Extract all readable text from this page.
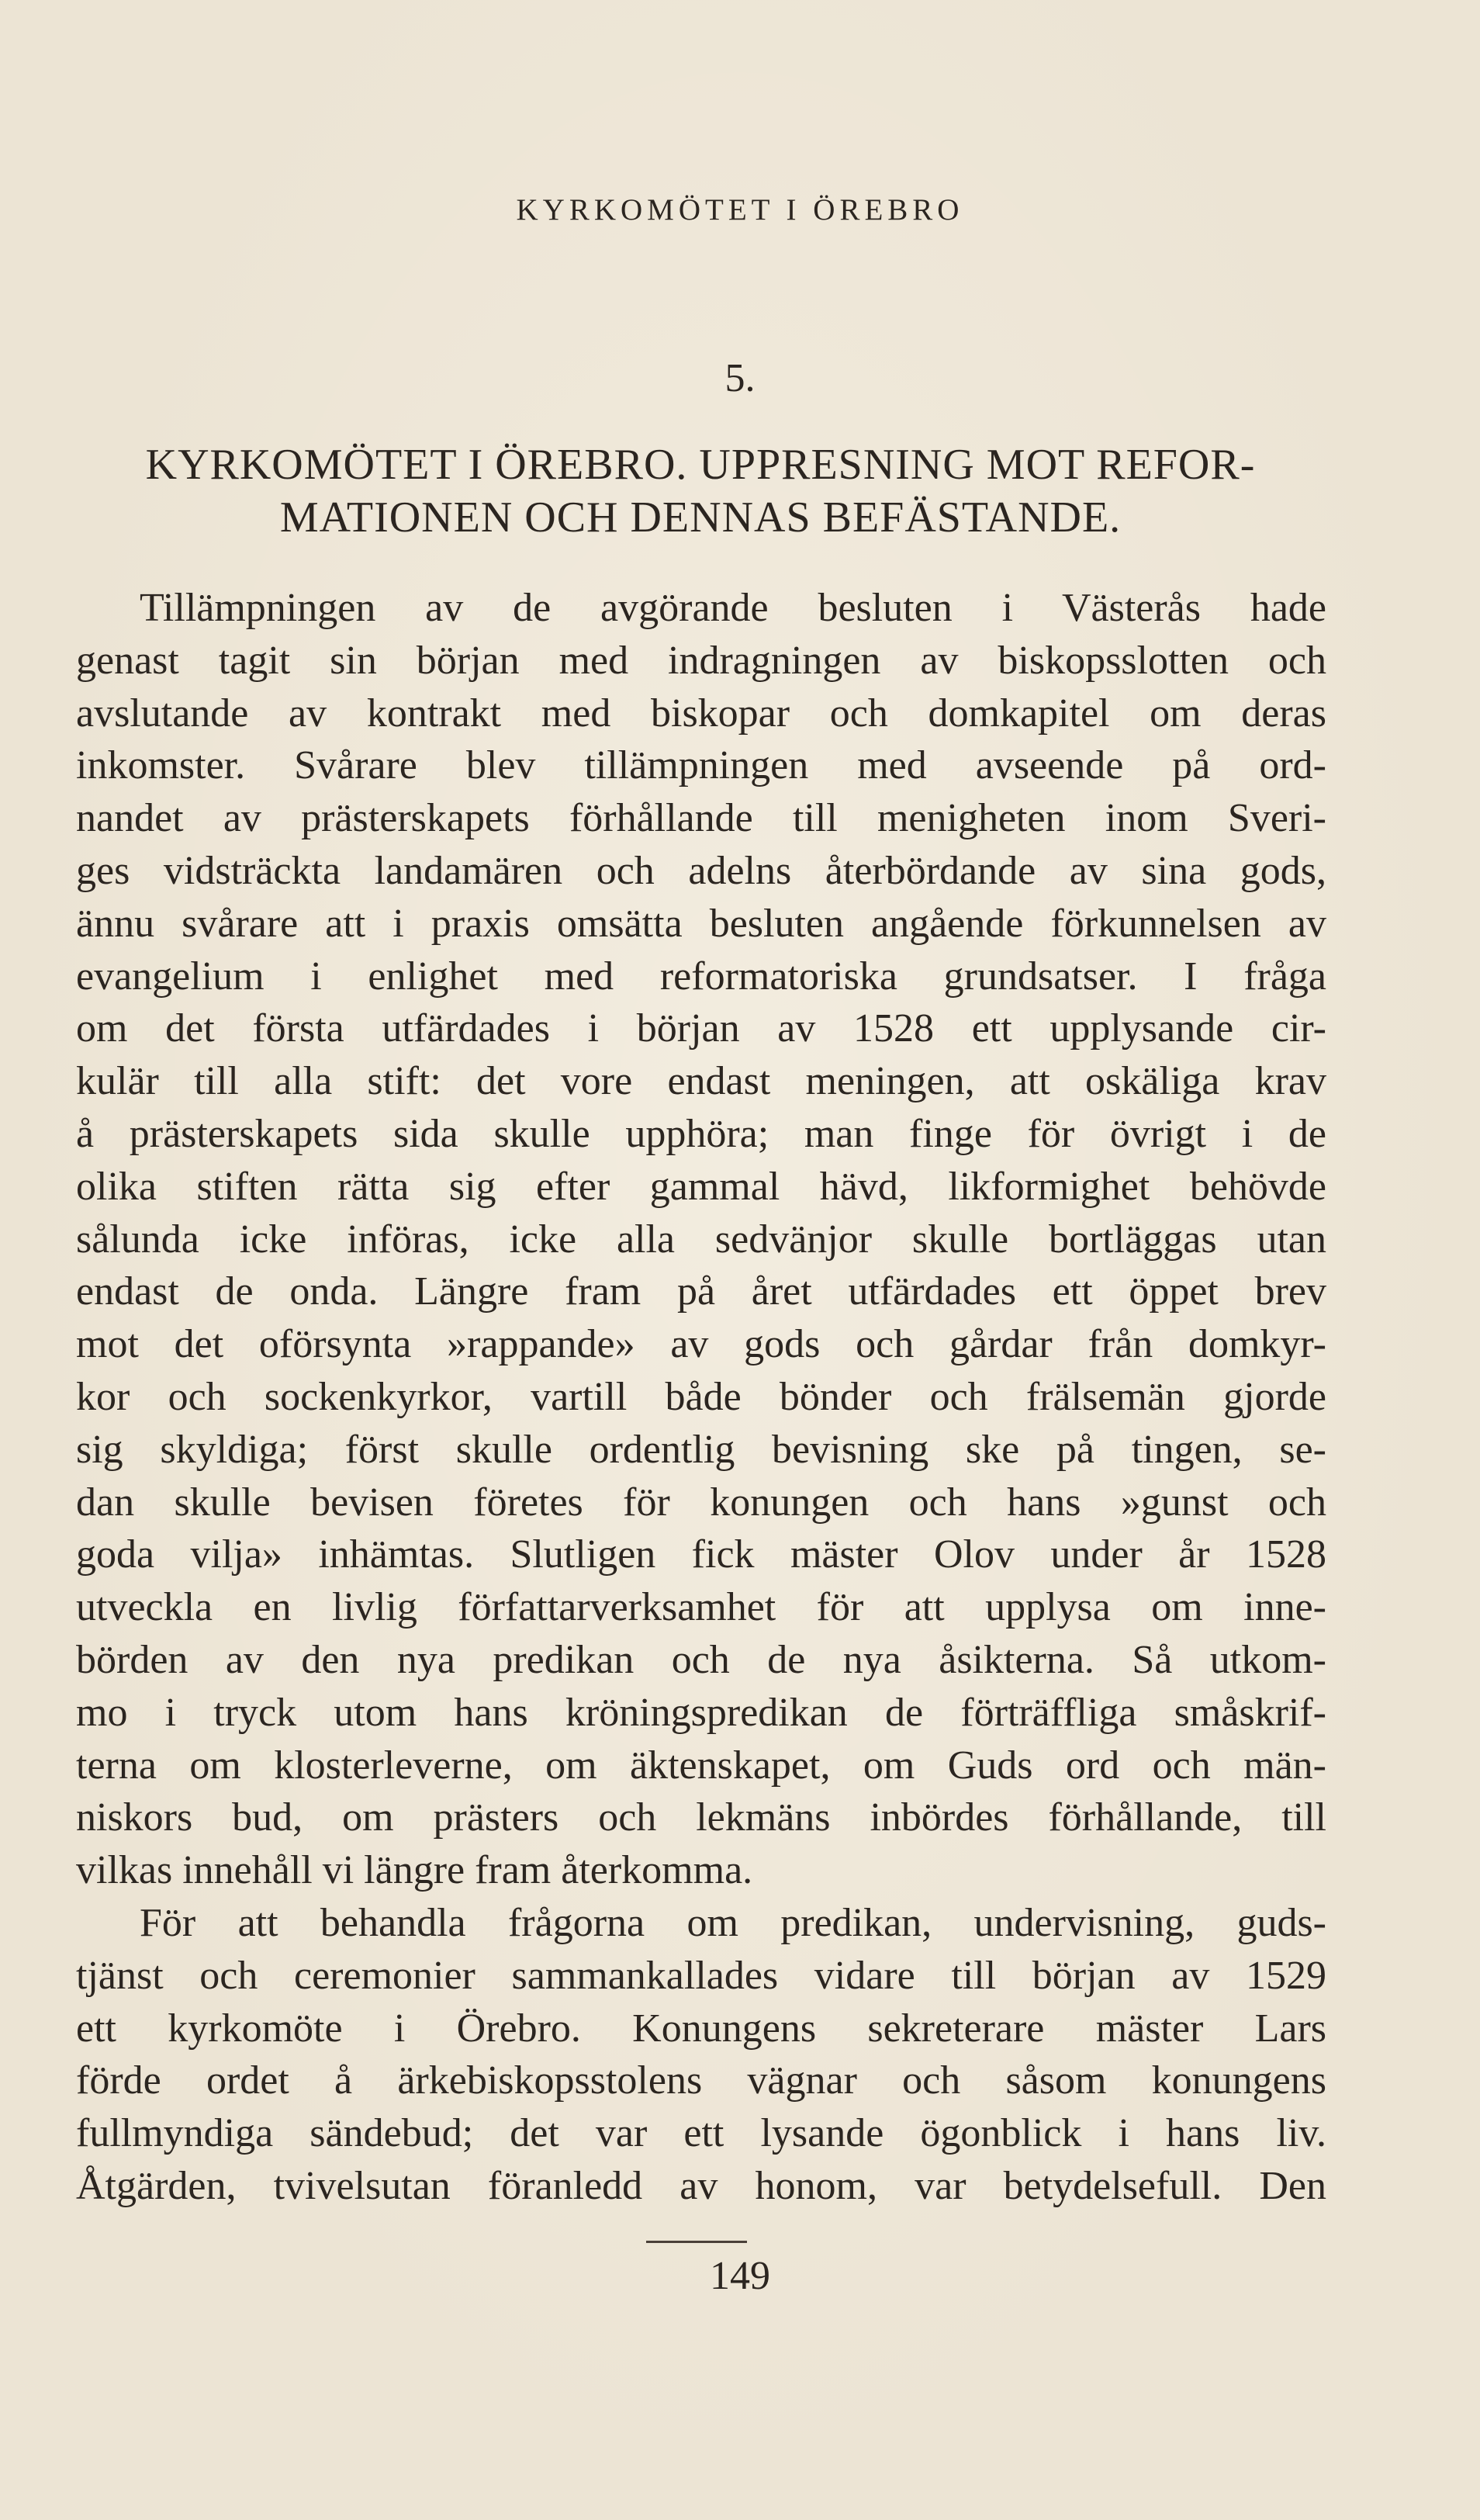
KYRKOMÖTET I ÖREBRO
5.
KYRKOMÖTET I ÖREBRO. UPPRESNING MOT REFOR-
MATIONEN OCH DENNAS BEFÄSTANDE.
Tillämpningen av de avgörande besluten i Västerås hade
genast tagit sin början med indragningen av biskopsslotten och
avslutande av kontrakt med biskopar och domkapitel om deras
inkomster. Svårare blev tillämpningen med avseende på ord-
nandet av prästerskapets förhållande till menigheten inom Sveri-
ges vidsträckta landamären och adelns återbördande av sina gods,
ännu svårare att i praxis omsätta besluten angående förkunnelsen av
evangelium i enlighet med reformatoriska grundsatser. I fråga
om det första utfärdades i början av 1528 ett upplysande cir-
kulär till alla stift: det vore endast meningen, att oskäliga krav
å prästerskapets sida skulle upphöra; man finge för övrigt i de
olika stiften rätta sig efter gammal hävd, likformighet behövde
sålunda icke införas, icke alla sedvänjor skulle bortläggas utan
endast de onda. Längre fram på året utfärdades ett öppet brev
mot det oförsynta »rappande» av gods och gårdar från domkyr-
kor och sockenkyrkor, vartill både bönder och frälsemän gjorde
sig skyldiga; först skulle ordentlig bevisning ske på tingen, se-
dan skulle bevisen företes för konungen och hans »gunst och
goda vilja» inhämtas. Slutligen fick mäster Olov under år 1528
utveckla en livlig författarverksamhet för att upplysa om inne-
börden av den nya predikan och de nya åsikterna. Så utkom-
mo i tryck utom hans kröningspredikan de förträffliga småskrif-
terna om klosterleverne, om äktenskapet, om Guds ord och män-
niskors bud, om prästers och lekmäns inbördes förhållande, till
vilkas innehåll vi längre fram återkomma.
För att behandla frågorna om predikan, undervisning, guds-
tjänst och ceremonier sammankallades vidare till början av 1529
ett kyrkomöte i Örebro. Konungens sekreterare mäster Lars
förde ordet å ärkebiskopsstolens vägnar och såsom konungens
fullmyndiga sändebud; det var ett lysande ögonblick i hans liv.
Åtgärden, tvivelsutan föranledd av honom, var betydelsefull. Den
149
